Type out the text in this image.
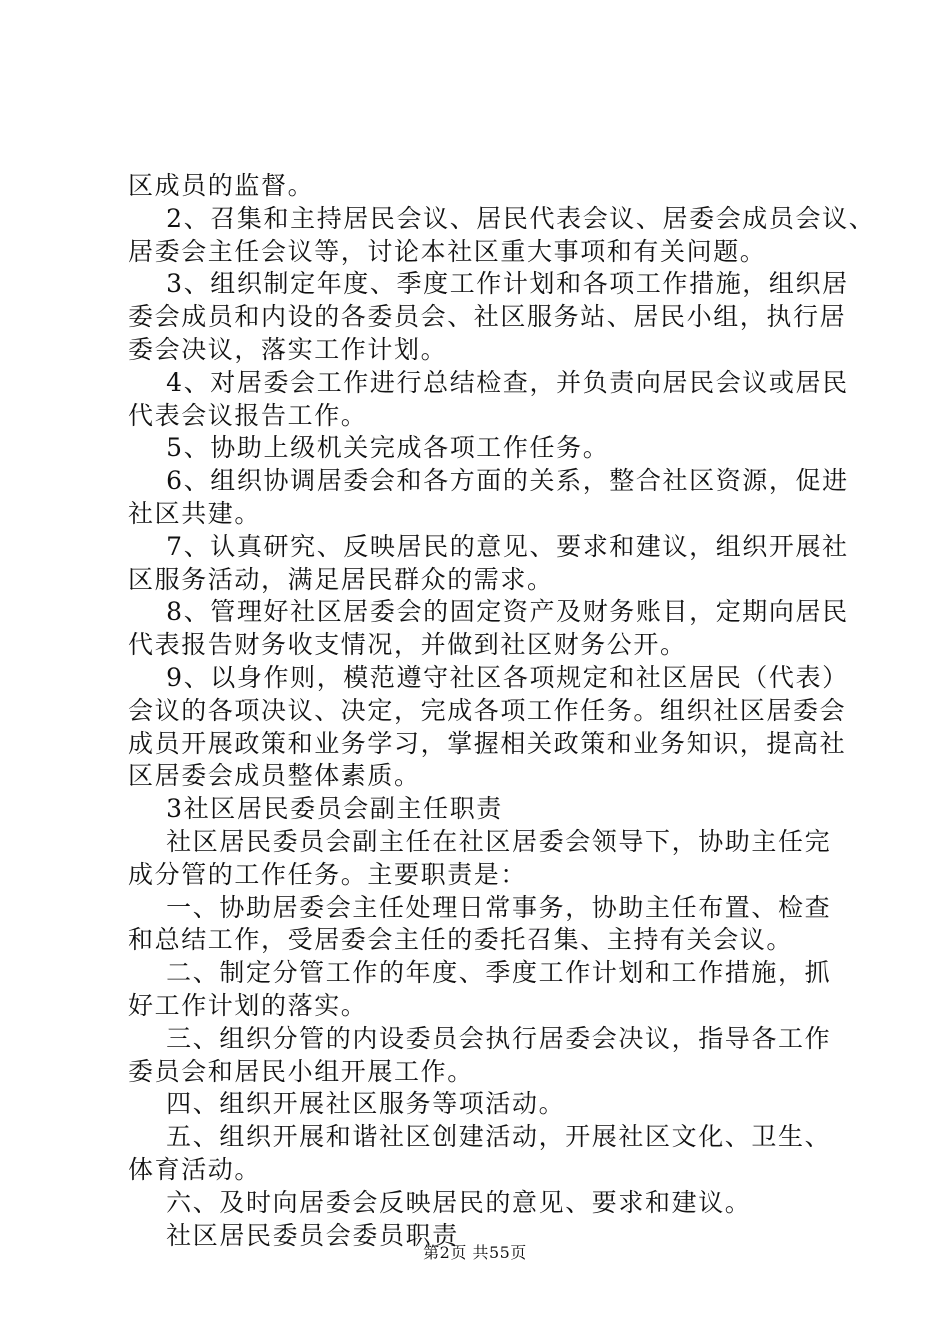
区成员的监督。
2、召集和主持居民会议、居民代表会议、居委会成员会议、
居委会主任会议等，讨论本社区重大事项和有关问题。
3、组织制定年度、季度工作计划和各项工作措施，组织居
委会成员和内设的各委员会、社区服务站、居民小组，执行居
委会决议，落实工作计划。
4、对居委会工作进行总结检查，并负责向居民会议或居民
代表会议报告工作。
5、协助上级机关完成各项工作任务。
6、组织协调居委会和各方面的关系，整合社区资源，促进
社区共建。
7、认真研究、反映居民的意见、要求和建议，组织开展社
区服务活动，满足居民群众的需求。
8、管理好社区居委会的固定资产及财务账目，定期向居民
代表报告财务收支情况，并做到社区财务公开。
9、以身作则，模范遵守社区各项规定和社区居民（代表）
会议的各项决议、决定，完成各项工作任务。组织社区居委会
成员开展政策和业务学习，掌握相关政策和业务知识，提高社
区居委会成员整体素质。
3社区居民委员会副主任职责
社区居民委员会副主任在社区居委会领导下，协助主任完
成分管的工作任务。主要职责是：
一、协助居委会主任处理日常事务，协助主任布置、检查
和总结工作，受居委会主任的委托召集、主持有关会议。
二、制定分管工作的年度、季度工作计划和工作措施，抓
好工作计划的落实。
三、组织分管的内设委员会执行居委会决议，指导各工作
委员会和居民小组开展工作。
四、组织开展社区服务等项活动。
五、组织开展和谐社区创建活动，开展社区文化、卫生、
体育活动。
六、及时向居委会反映居民的意见、要求和建议。
社区居民委员会委员职责
第2页 共55页
